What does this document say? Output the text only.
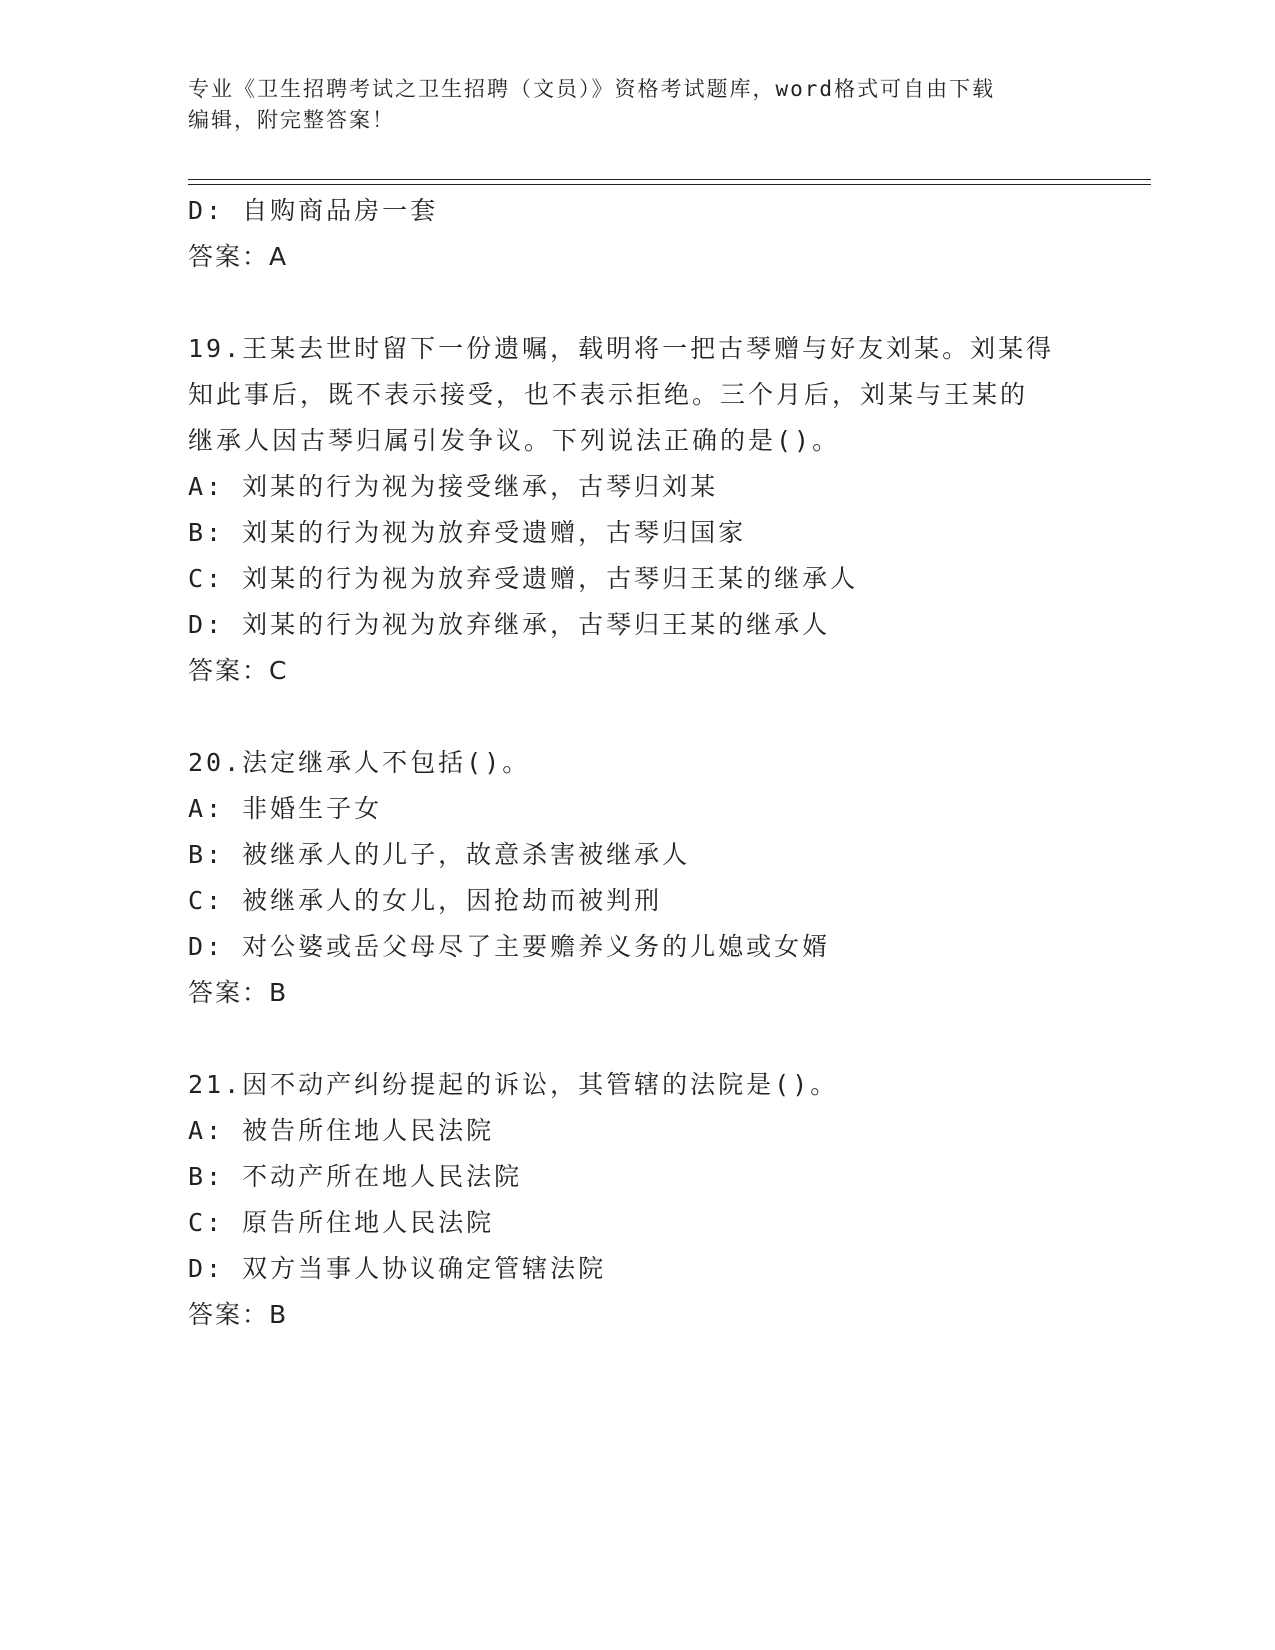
专业《卫生招聘考试之卫生招聘（文员）》资格考试题库，word格式可自由下载
编辑，附完整答案！
D: 自购商品房一套
答案：A
19.王某去世时留下一份遗嘱，载明将一把古琴赠与好友刘某。刘某得
知此事后，既不表示接受，也不表示拒绝。三个月后，刘某与王某的
继承人因古琴归属引发争议。下列说法正确的是()。
A: 刘某的行为视为接受继承，古琴归刘某
B: 刘某的行为视为放弃受遗赠，古琴归国家
C: 刘某的行为视为放弃受遗赠，古琴归王某的继承人
D: 刘某的行为视为放弃继承，古琴归王某的继承人
答案：C
20.法定继承人不包括()。
A: 非婚生子女
B: 被继承人的儿子，故意杀害被继承人
C: 被继承人的女儿，因抢劫而被判刑
D: 对公婆或岳父母尽了主要赡养义务的儿媳或女婿
答案：B
21.因不动产纠纷提起的诉讼，其管辖的法院是()。
A: 被告所住地人民法院
B: 不动产所在地人民法院
C: 原告所住地人民法院
D: 双方当事人协议确定管辖法院
答案：B
